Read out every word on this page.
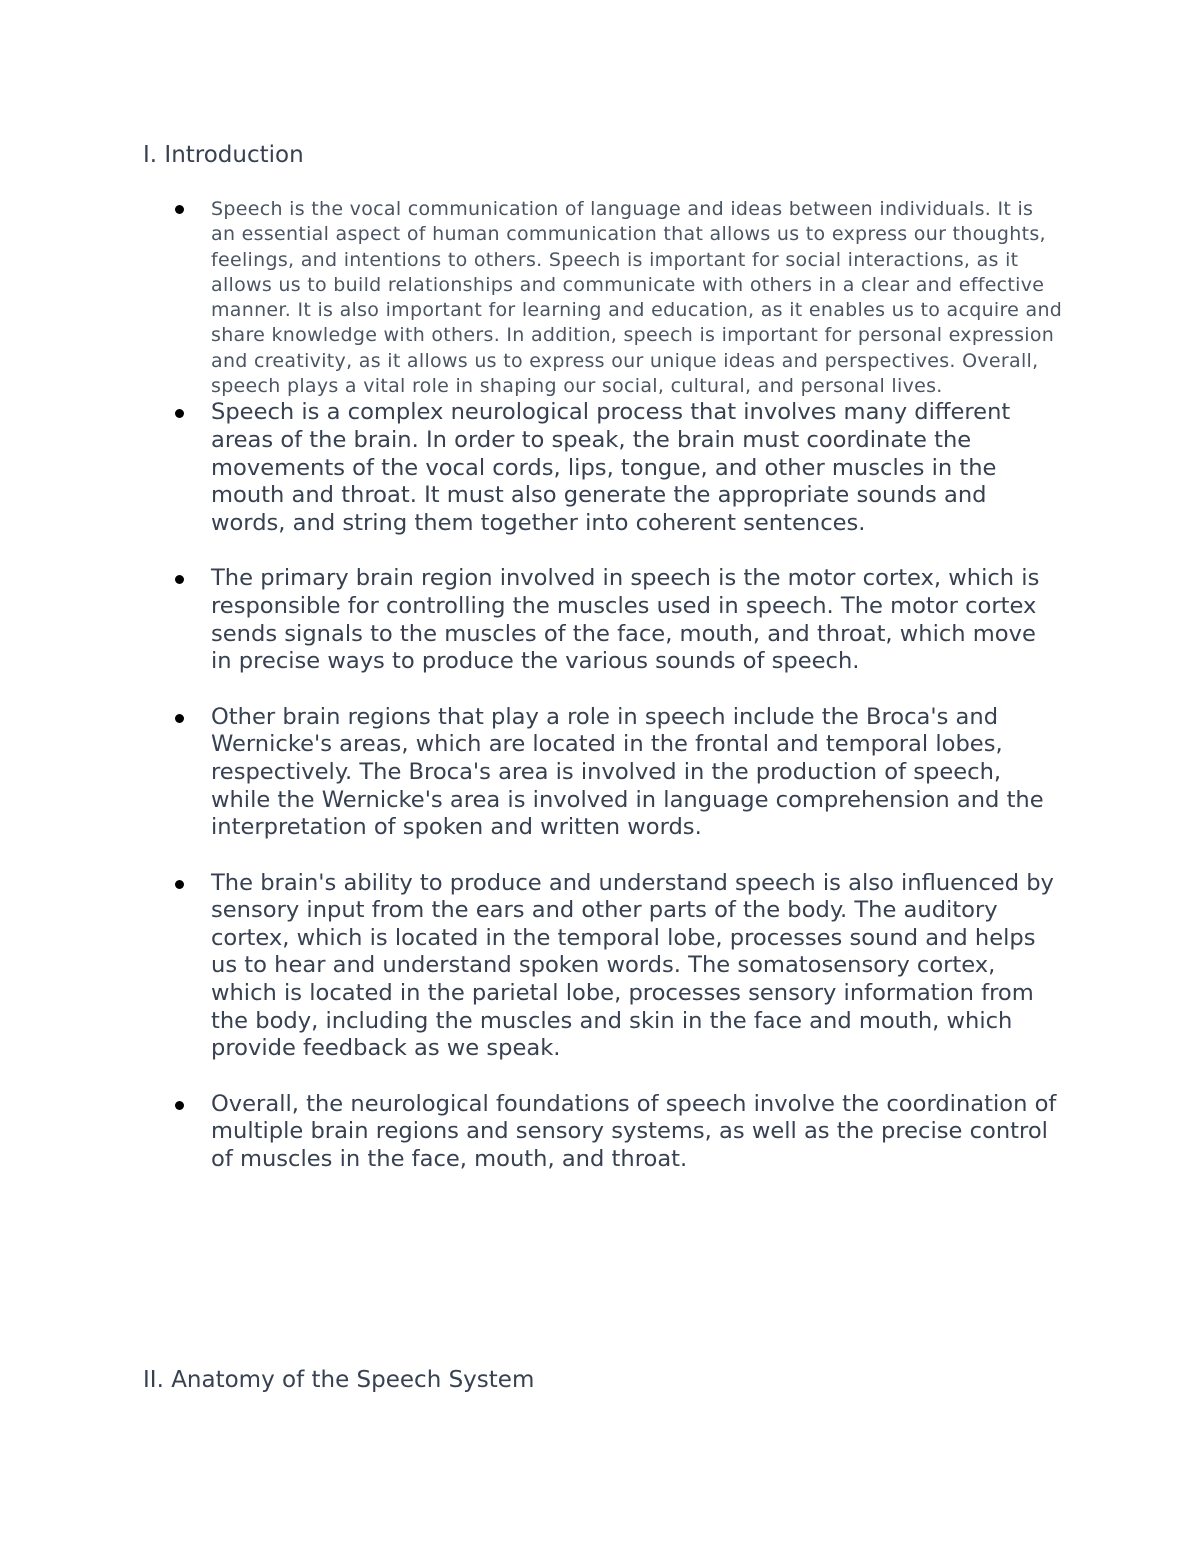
I. Introduction
Speech is the vocal communication of language and ideas between individuals. It is an essential aspect of human communication that allows us to express our thoughts, feelings, and intentions to others. Speech is important for social interactions, as it allows us to build relationships and communicate with others in a clear and effective manner. It is also important for learning and education, as it enables us to acquire and share knowledge with others. In addition, speech is important for personal expression and creativity, as it allows us to express our unique ideas and perspectives. Overall, speech plays a vital role in shaping our social, cultural, and personal lives.
Speech is a complex neurological process that involves many different areas of the brain. In order to speak, the brain must coordinate the movements of the vocal cords, lips, tongue, and other muscles in the mouth and throat. It must also generate the appropriate sounds and words, and string them together into coherent sentences.
The primary brain region involved in speech is the motor cortex, which is responsible for controlling the muscles used in speech. The motor cortex sends signals to the muscles of the face, mouth, and throat, which move in precise ways to produce the various sounds of speech.
Other brain regions that play a role in speech include the Broca's and Wernicke's areas, which are located in the frontal and temporal lobes, respectively. The Broca's area is involved in the production of speech, while the Wernicke's area is involved in language comprehension and the interpretation of spoken and written words.
The brain's ability to produce and understand speech is also influenced by sensory input from the ears and other parts of the body. The auditory cortex, which is located in the temporal lobe, processes sound and helps us to hear and understand spoken words. The somatosensory cortex, which is located in the parietal lobe, processes sensory information from the body, including the muscles and skin in the face and mouth, which provide feedback as we speak.
Overall, the neurological foundations of speech involve the coordination of multiple brain regions and sensory systems, as well as the precise control of muscles in the face, mouth, and throat.
II. Anatomy of the Speech System
